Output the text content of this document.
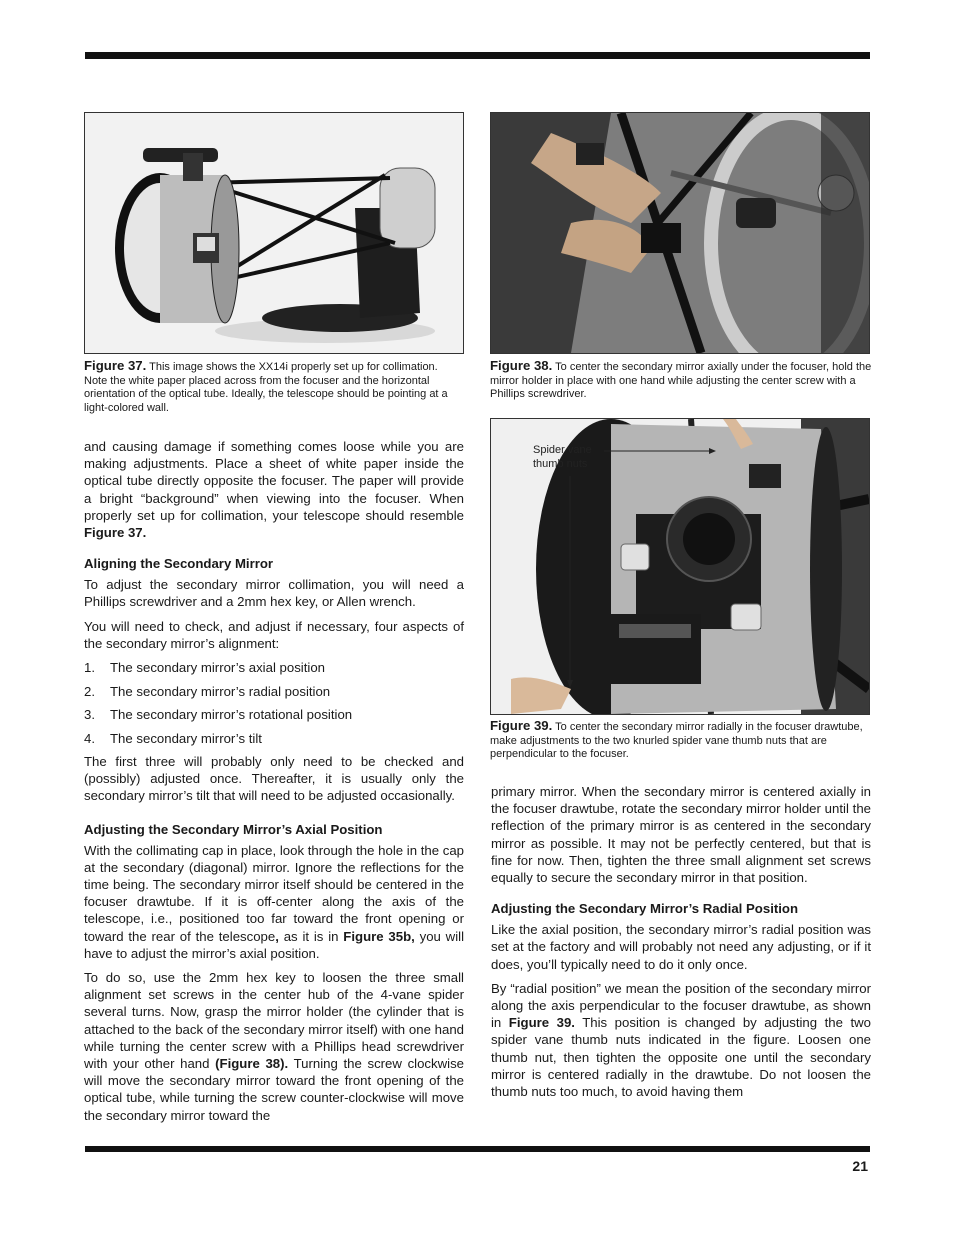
Figure 37. This image shows the XX14i properly set up for collimation. Note the white paper placed across from the focuser and the horizontal orientation of the optical tube. Ideally, the telescope should be pointing at a light-colored wall.
Figure 38. To center the secondary mirror axially under the focuser, hold the mirror holder in place with one hand while adjusting the center screw with a Phillips screwdriver.
Spider vane
thumb nuts
Figure 39. To center the secondary mirror radially in the focuser drawtube, make adjustments to the two knurled spider vane thumb nuts that are perpendicular to the focuser.

and causing damage if something comes loose while you are making adjustments. Place a sheet of white paper inside the optical tube directly opposite the focuser. The paper will provide a bright “background” when viewing into the focuser. When properly set up for collimation, your telescope should resemble Figure 37.

Aligning the Secondary Mirror

To adjust the secondary mirror collimation, you will need a Phillips screwdriver and a 2mm hex key, or Allen wrench.

You will need to check, and adjust if necessary, four aspects of the secondary mirror’s alignment:

1.	The secondary mirror’s axial position
2.	The secondary mirror’s radial position
3.	The secondary mirror’s rotational position
4.	The secondary mirror’s tilt

The first three will probably only need to be checked and (possibly) adjusted once. Thereafter, it is usually only the secondary mirror’s tilt that will need to be adjusted occasionally.

Adjusting the Secondary Mirror’s Axial Position

With the collimating cap in place, look through the hole in the cap at the secondary (diagonal) mirror. Ignore the reflections for the time being. The secondary mirror itself should be centered in the focuser drawtube. If it is off-center along the axis of the telescope, i.e., positioned too far toward the front opening or toward the rear of the telescope, as it is in Figure 35b, you will have to adjust the mirror’s axial position.

To do so, use the 2mm hex key to loosen the three small alignment set screws in the center hub of the 4-vane spider several turns. Now, grasp the mirror holder (the cylinder that is attached to the back of the secondary mirror itself) with one hand while turning the center screw with a Phillips head screwdriver with your other hand (Figure 38). Turning the screw clockwise will move the secondary mirror toward the front opening of the optical tube, while turning the screw counter-clockwise will move the secondary mirror toward the

primary mirror. When the secondary mirror is centered axially in the focuser drawtube, rotate the secondary mirror holder until the reflection of the primary mirror is as centered in the secondary mirror as possible. It may not be perfectly centered, but that is fine for now. Then, tighten the three small alignment set screws equally to secure the secondary mirror in that position.

Adjusting the Secondary Mirror’s Radial Position

Like the axial position, the secondary mirror’s radial position was set at the factory and will probably not need any adjusting, or if it does, you’ll typically need to do it only once.

By “radial position” we mean the position of the secondary mirror along the axis perpendicular to the focuser drawtube, as shown in Figure 39. This position is changed by adjusting the two spider vane thumb nuts indicated in the figure. Loosen one thumb nut, then tighten the opposite one until the secondary mirror is centered radially in the drawtube. Do not loosen the thumb nuts too much, to avoid having them

21
